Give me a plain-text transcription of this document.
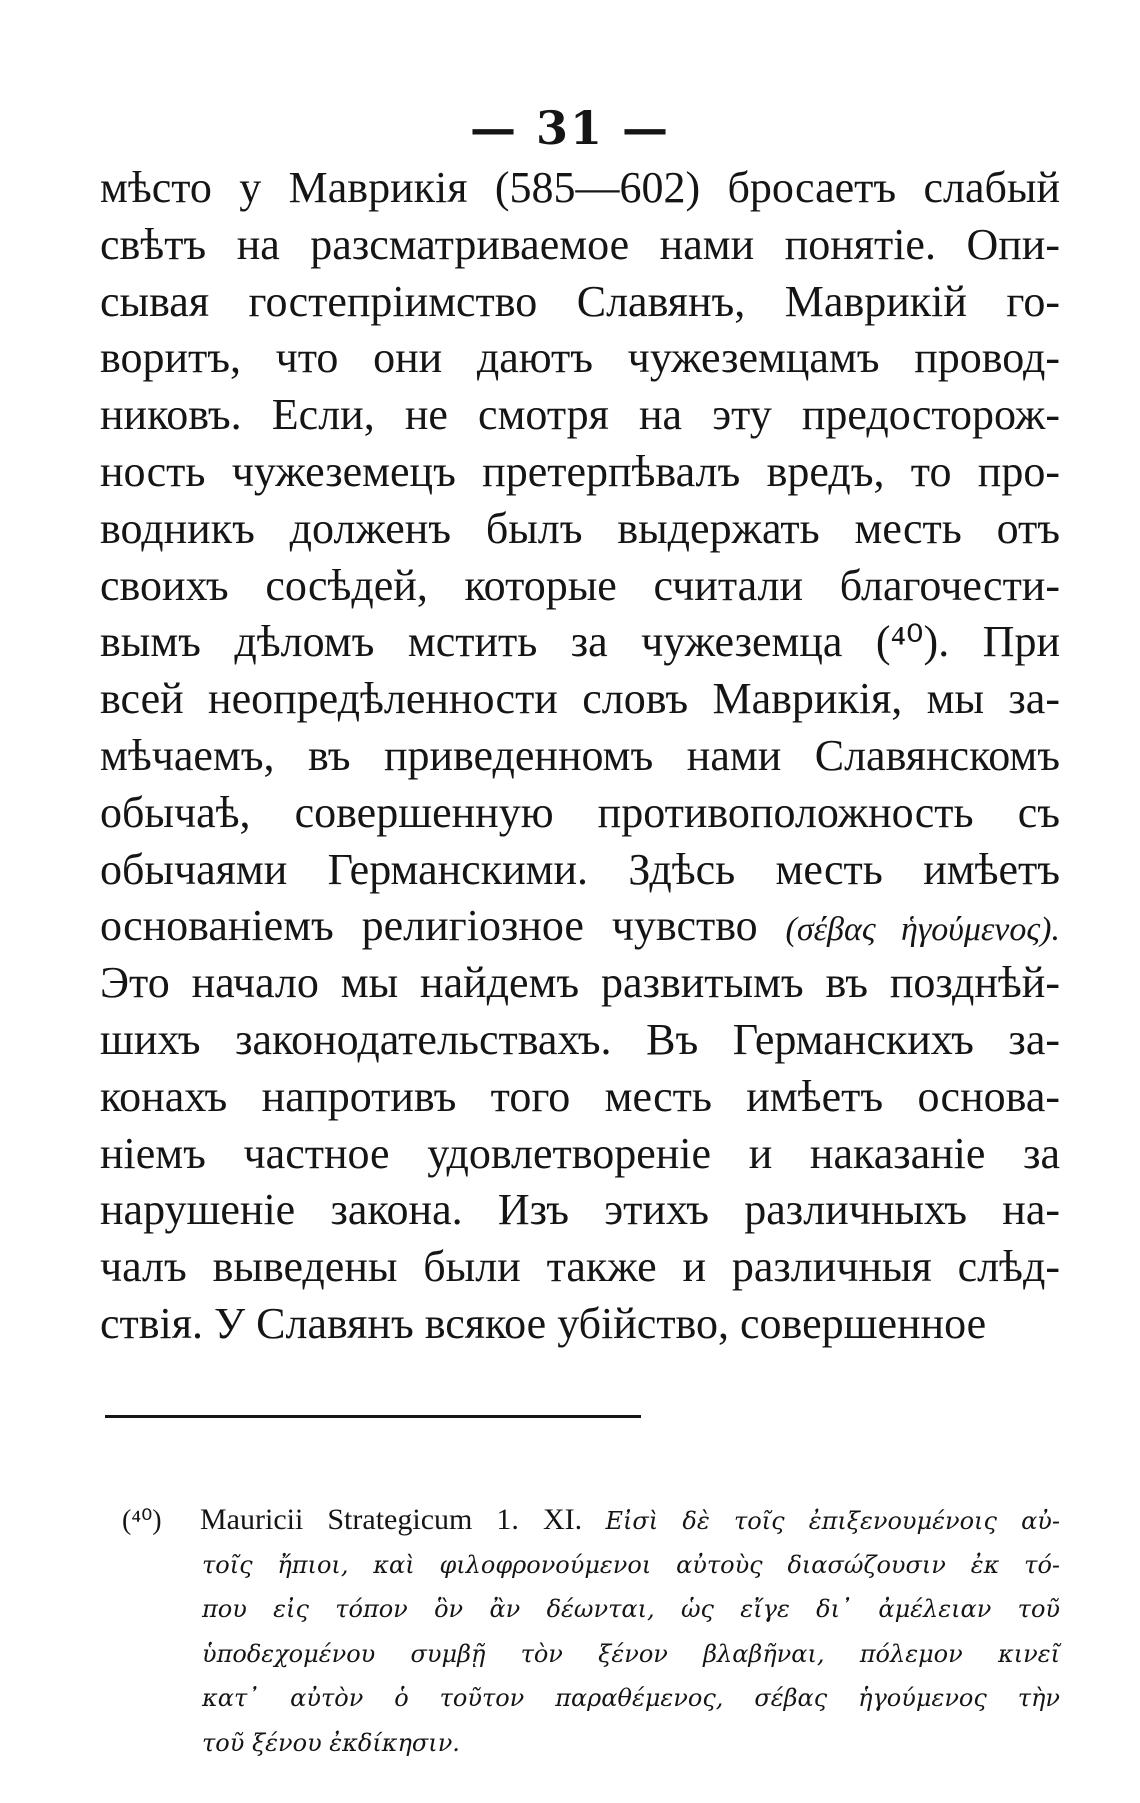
— 31 —
мѣсто у Маврикія (585—602) бросаетъ слабый
свѣтъ на разсматриваемое нами понятіе. Опи-
сывая гостепріимство Славянъ, Маврикій го-
воритъ, что они даютъ чужеземцамъ провод-
никовъ. Если, не смотря на эту предосторож-
ность чужеземецъ претерпѣвалъ вредъ, то про-
водникъ долженъ былъ выдержать месть отъ
своихъ сосѣдей, которые считали благочести-
вымъ дѣломъ мстить за чужеземца (⁴⁰). При
всей неопредѣленности словъ Маврикія, мы за-
мѣчаемъ, въ приведенномъ нами Славянскомъ
обычаѣ, совершенную противоположность съ
обычаями Германскими. Здѣсь месть имѣетъ
основаніемъ религіозное чувство (σέβας ἡγούμενος).
Это начало мы найдемъ развитымъ въ позднѣй-
шихъ законодательствахъ. Въ Германскихъ за-
конахъ напротивъ того месть имѣетъ основа-
ніемъ частное удовлетвореніе и наказаніе за
нарушеніе закона. Изъ этихъ различныхъ на-
чалъ выведены были также и различныя слѣд-
ствія. У Славянъ всякое убійство, совершенное
(⁴⁰) Mauricii Strategicum 1. XI. Εἰσὶ δὲ τοῖς ἐπιξενουμένοις αὐ-
τοῖς ἤπιοι, καὶ φιλοφρονούμενοι αὐτοὺς διασώζουσιν ἐκ τό-
που εἰς τόπον ὃν ἂν δέωνται, ὡς εἴγε δι᾽ ἀμέλειαν τοῦ
ὑποδεχομένου συμβῇ τὸν ξένον βλαβῆναι, πόλεμον κινεῖ
κατ᾽ αὐτὸν ὁ τοῦτον παραθέμενος, σέβας ἡγούμενος τὴν
τοῦ ξένου ἐκδίκησιν.
